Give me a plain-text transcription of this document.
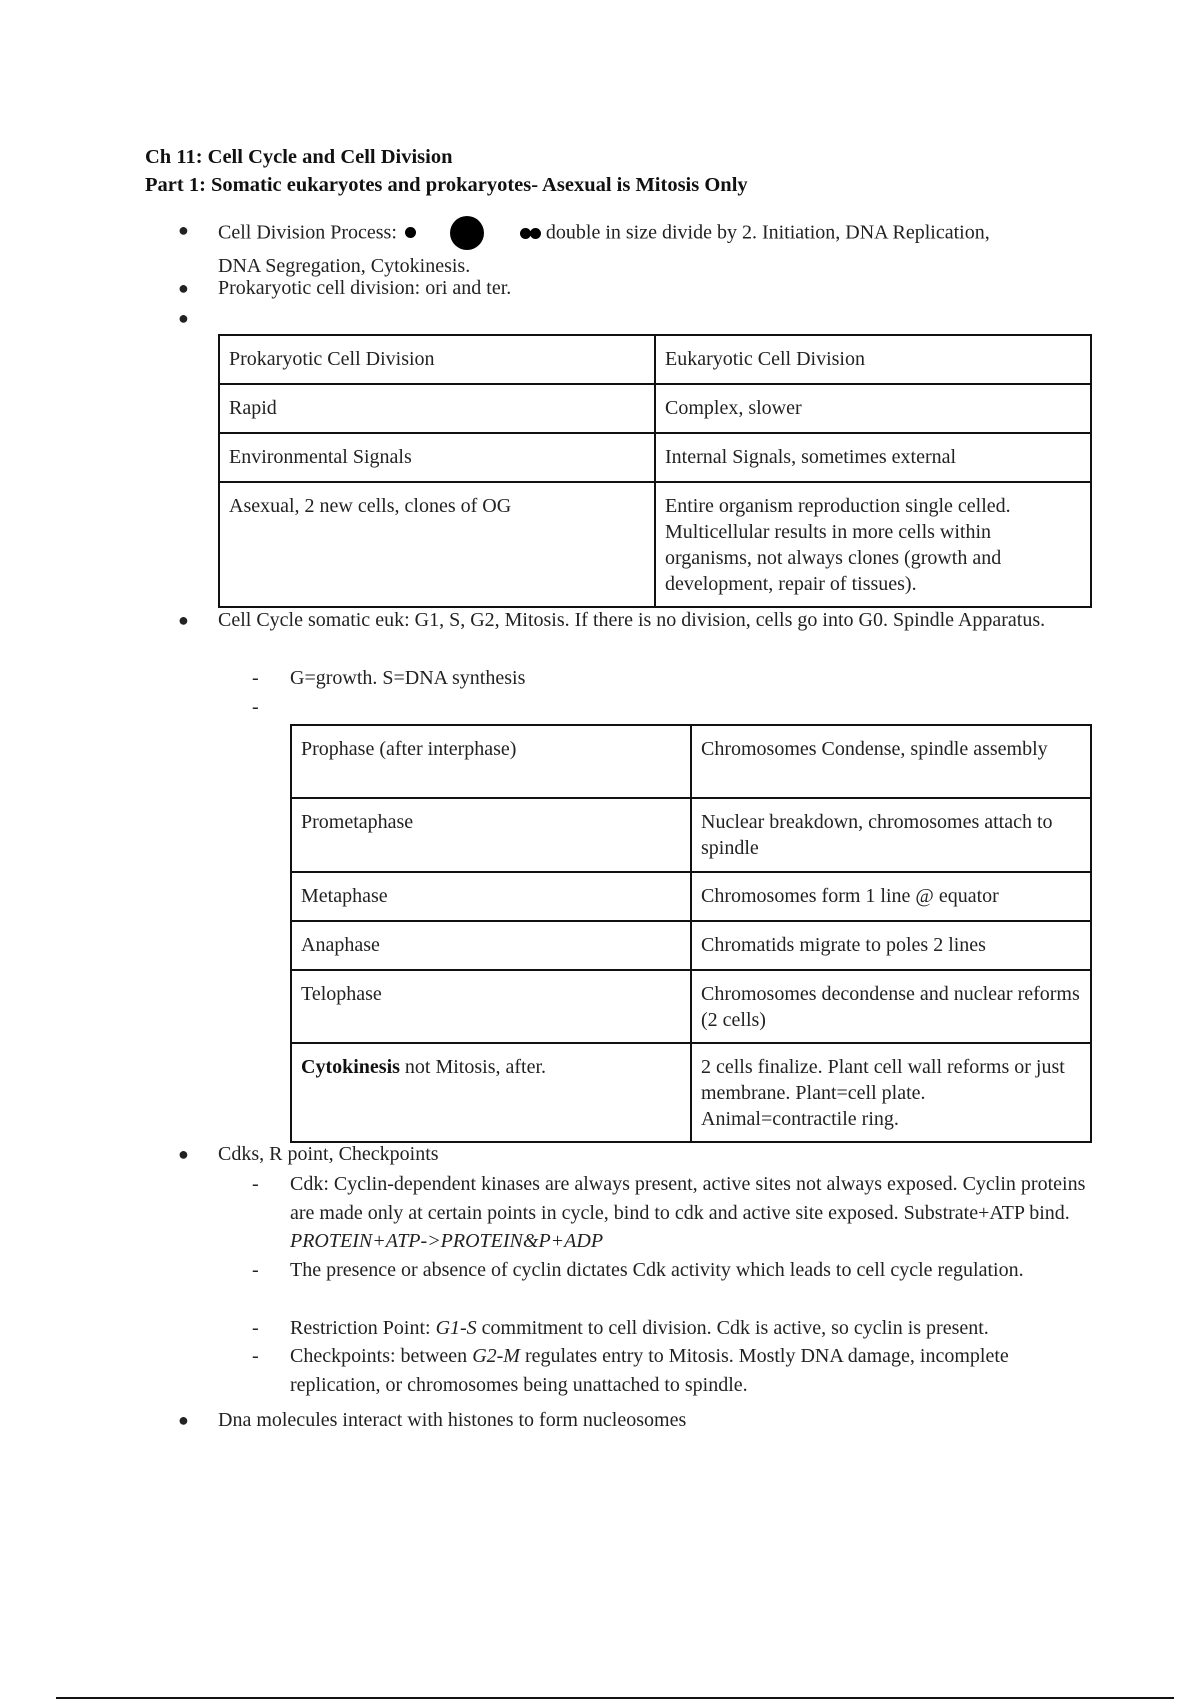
Ch 11: Cell Cycle and Cell Division
Part 1: Somatic eukaryotes and prokaryotes- Asexual is Mitosis Only
●	Cell Division Process:	double in size divide by 2. Initiation, DNA Replication,
DNA Segregation, Cytokinesis.
●	Prokaryotic cell division: ori and ter.
●
Prokaryotic Cell Division	Eukaryotic Cell Division
Rapid	Complex, slower
Environmental Signals	Internal Signals, sometimes external
Asexual, 2 new cells, clones of OG	Entire organism reproduction single celled. Multicellular results in more cells within organisms, not always clones (growth and development, repair of tissues).
●	Cell Cycle somatic euk: G1, S, G2, Mitosis. If there is no division, cells go into G0. Spindle Apparatus.
-	G=growth. S=DNA synthesis
-
Prophase (after interphase)	Chromosomes Condense, spindle assembly
Prometaphase	Nuclear breakdown, chromosomes attach to spindle
Metaphase	Chromosomes form 1 line @ equator
Anaphase	Chromatids migrate to poles 2 lines
Telophase	Chromosomes decondense and nuclear reforms (2 cells)
Cytokinesis not Mitosis, after.	2 cells finalize. Plant cell wall reforms or just membrane. Plant=cell plate. Animal=contractile ring.
●	Cdks, R point, Checkpoints
-	Cdk: Cyclin-dependent kinases are always present, active sites not always exposed. Cyclin proteins are made only at certain points in cycle, bind to cdk and active site exposed. Substrate+ATP bind. PROTEIN+ATP->PROTEIN&P+ADP
-	The presence or absence of cyclin dictates Cdk activity which leads to cell cycle regulation.
-	Restriction Point: G1-S commitment to cell division. Cdk is active, so cyclin is present.
-	Checkpoints: between G2-M regulates entry to Mitosis. Mostly DNA damage, incomplete replication, or chromosomes being unattached to spindle.
●	Dna molecules interact with histones to form nucleosomes
